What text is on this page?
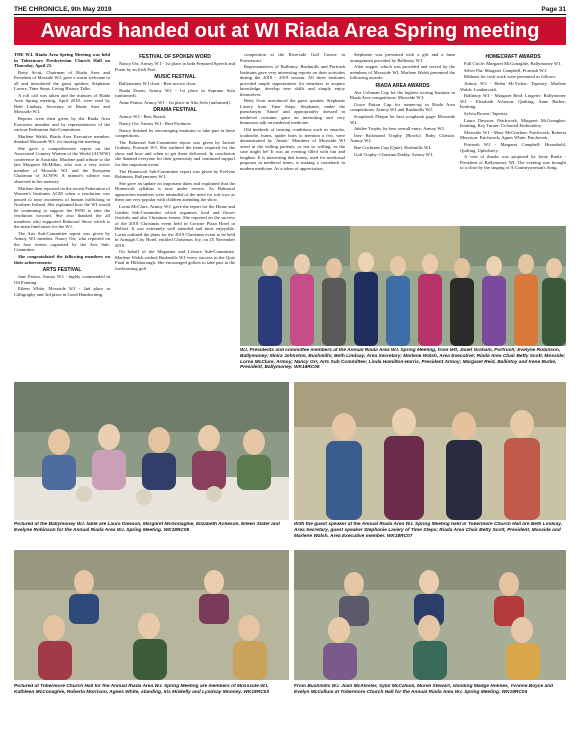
THE CHRONICLE, 9th May 2019	Page 31
Awards handed out at WI Riada Area Spring meeting

THE W.I. Riada Area Spring Meeting was held in Tobermore Presbyterian Church Hall on Thursday, April 25.

Betty Scott, Chairman of Riada Area and President of Mosside W.I. gave a warm welcome to all and introduced the guest speaker, Stephanie Lavery, Time Steps, Living History Talks.

A roll call was taken and the minutes of Riada Area Spring meeting, April 2018, were read by Beth Lindsay, Secretary of Riada Area and Mossside W.I.

Reports were then given by the Riada Area Executive member and by representatives of the various Federation Sub-Committees.

Marlene Walsh, Riada Area Executive member, thanked Mossside W.I. for hosting the meeting.

She gave a comprehensive report on the Associated Country Women of the World (ACWW) conference in Australia. Marlene paid tribute to the late Margaret McMillan, who was a very active member of Mosside W.I and the European Chairman of ACWW. A minute's silence was observed in her memory.

Marlene then reported on the recent Federation of Women's Institutes AGM when a resolution was passed to raise awareness of human trafficking in Northern Ireland. She explained how the WI would be continuing to support the PSNI to take the resolution forward. She also thanked the all members who supported Balmoral Show which is the main fund raiser for the W.I.

The Arts Sub-Committee report was given by Armoy W.I member, Nancy Orr, who reported on the four events organised by the Arts Sub-Committee.

She congratulated the following members on their achievements:

ARTS FESTIVAL

Jane Patton, Armoy W.I - highly commended in Oil Painting.

Eileen White, Mossside W.I - 2nd place in Calligraphy and 3rd place in Good Handwriting.

FESTIVAL OF SPOKEN WORD

Nancy Orr, Armoy W.I - 1st place in both Prepared Speech and Poem by an Irish Poet.

MUSIC FESTIVAL

Ballymoney W.I choir - Best novice choir.

Nuala Doran, Armoy W.I - 1st place in Soprano Solo (unframed).

Anne Patton, Armoy W.I - 1st place in Alto Solo (unframed).

DRAMA FESTIVAL

Armoy W.I - Best Sketch.

Nancy Orr, Armoy W.I - Best Producer.

Nancy finished by encouraging institutes to take part in these competitions.

The Balmoral Sub-Committee report was given by Jacinte Graham, Portrush W.I. She outlined the items required for the show and how and when to get these delivered. In conclusion she thanked everyone for their generosity and continued support for this important event.

The Homecraft Sub-Committee report was given by Evelyne Robinson, Ballymoney W.I.

She gave an update on important dates and explained that the Homecraft syllabus is now under review. As Balmoral approaches members were reminded of the need for soft toys as these are very popular with children attending the show.

Lorna McClure, Armoy W.I. gave the report for the Home and Garden Sub-Committee which organises food and flower festivals and also Christmas events. She reported on the success of the 2018 Christmas event held in Crowne Plaza Hotel in Belfast. It was extremely well attended and most enjoyable. Lorna outlined the plans for the 2019 Christmas event to be held in Armagh City Hotel, entitled Christmas Joy, on 25 November 2019.

On behalf of the Magazine and Leisure Sub-Committee, Marlene Walsh wished Bushmills W.I every success in the Quiz Final in Hillsborough. She encouraged golfers to take part in the forthcoming golf

competition at the Riverside Golf Course in Portstewart.

Representatives of Ballintoy, Bushmills and Portrush Institutes gave very interesting reports on their activities during the 2018 - 2019 session. All three institutes provided ample opportunities for members to acquire knowledge, develop new skills and simply enjoy themselves.

Betty Scott introduced the guest speaker, Stephanie Lavery from Time Steps. Stephanie, under the pseudonym 'Annie' and appropriately dressed in medieval costume, gave an interesting and very humorous talk on medieval medicine.

Old methods of treating conditions such as earache, toothache, burns, spider bites to mention a few, were demonstrated by 'Annie.' Members of Mossside WI acted in the willing patients, or not so willing, as the case might be! It was an evening filled with fun and laughter. It is interesting that honey, used for medicinal purposes in medieval times, is making a comeback in modern medicine. As a token of appreciation,

Stephanie was presented with a gift and a farm arrangement provided by Ballintoy W.I.

After supper, which was provided and served by the members of Mossside WI, Marlene Walsh presented the following awards:

RIADA AREA AWARDS

Ava Coleman Cup for the highest scoring Institute in Riada Area competitions: Mossside W.I.

Grace Patton Cup for runner-up in Riada Area competitions: Armoy W.I and Bushmills W.I.

Scrapbook Plaque for best scrapbook page: Mossside W.I.

Jubilee Trophy for best overall entry: Armoy W.I.

Inez Richmond Trophy (Bowls): Ruby Christie, Armoy W.I.

Rae Cochrane Cup (Quiz): Bushmills W.I.

Golf Trophy: Christine Duddy, Armoy W.I.

HOMECRAFT AWARDS

Full Circle: Margaret McGonaghie, Ballymoney W.I.

Silver Pin: Margaret Campbell, Portrush W.I.

Ribbons for craft work were presented as follows:

Armoy W.I - Helen McVicker: Tapestry, Marlene Walsh: Leathercraft.

Ballintoy W.I - Margaret Reid: Lingerie. Ballymoney W.I - Elizabeth Acheson: Quilting, Anne Barber: Knitting.

Sylvia Brown: Tapestry.

Laura Dawson: Patchwork, Margaret McGonaghie: Knitting, Roy Turner: Coloured Embroidery.

Mossside W.I - Mary McCracken: Patchwork, Roberta Morrison: Patchwork, Agnes White: Patchwork.

Portrush W.I - Margaret Campbell: Household, Quilting, Upholstery.

A vote of thanks was proposed by Irene Burke - President of Ballymoney WI. The evening was brought to a close by the singing of A Countrywoman's Song.

W.I. Presidents and committee members at the Annual Riada Area W.I. Spring Meeting, from left, Janet Graham, Portrush; Evelyne Robinson, Ballymoney; Moira Johnston, Bushmills; Beth Lindsay, Area Secretary; Marlene Walsh, Area Executive; Riada Area Chair Betty Scott, Mosside; Lorna McClure, Armoy; Nancy Orr, Arts Sub Committee; Linda Hamilton-Harris, President Armoy; Margaret Reid, Ballintoy and Irene Burke, President, Ballymoney. WK18RC06
Pictured at the Ballymoney W.I. table are Laura Dawson, Margaret McGonaghie, Elizabeth Acheson, Eileen Slater and Evelyne Robinson for the Annual Riada Area W.I. Spring Meeting. WK18RC05
With the guest speaker at the Annual Riada Area W.I. Spring Meeting held in Tobermore Church Hall are Beth Lindsay, Area Secretary, guest speaker Stephanie Lavery of Time Steps; Riada Area Chair Betty Scott, President, Mosside and Marlene Walsh, Area Executive member. WK18RC07
Pictured at Tobermore Church Hall for the Annual Riada Area W.I. Spring Meeting are members of Mossside W.I. Kathleen McConaghie, Roberta Morrison, Agnes White, standing, Iris Miskelly and Lyndsay Mooney. WK18RC03
From Bushmills W.I. Joan McAllister, Sybil McCallum, Muriel Stewart, standing Madge Holmes, Yvonne Boyce and Evelyn McCallum at Tobermore Church Hall for the Annual Riada Area W.I. Spring Meeting. WK18RC04
